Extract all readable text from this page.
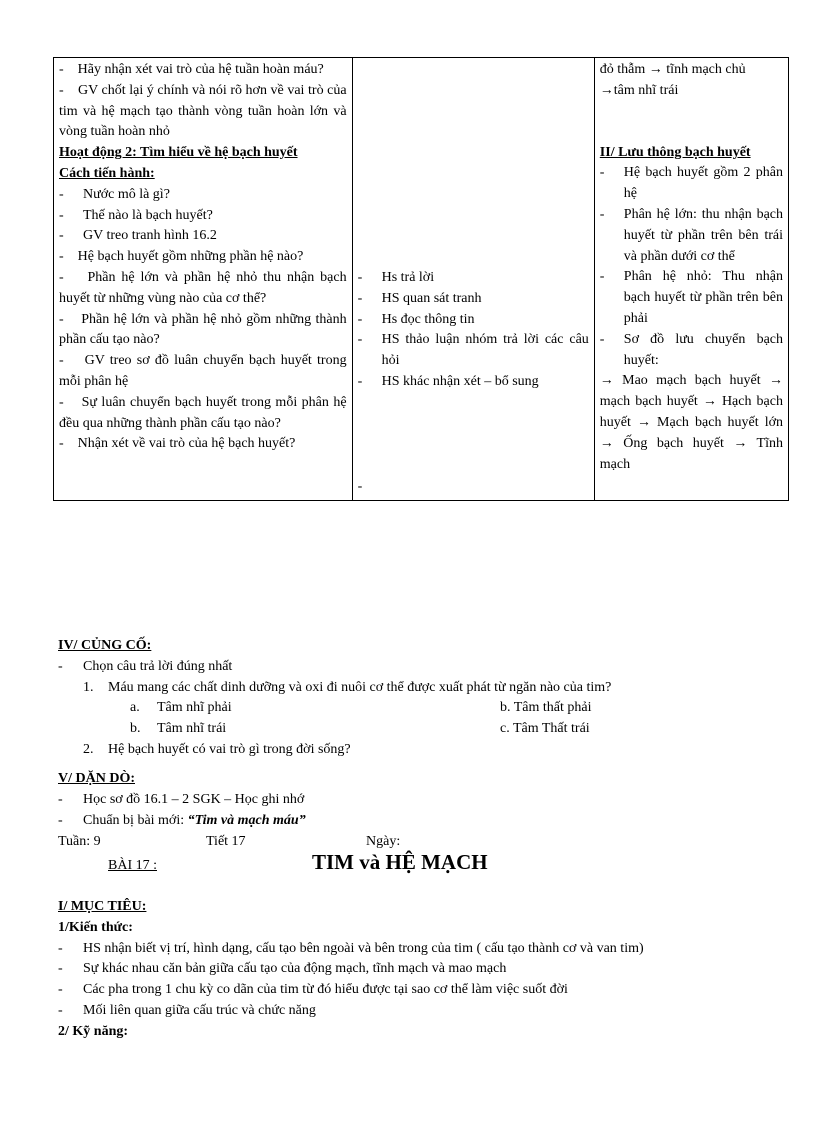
-    Hãy nhận xét vai trò của hệ tuần hoàn máu?
-    GV chốt lại ý chính và nói rõ hơn về vai trò của tim và hệ mạch tạo thành vòng tuần hoàn lớn và vòng tuần hoàn nhỏ
Hoạt động 2: Tìm hiểu về hệ bạch huyết
Cách tiến hành:
-	Nước mô là gì?
-	Thế nào là bạch huyết?
-	GV treo tranh hình 16.2
-    Hệ bạch huyết gồm những phần hệ nào?
-    Phần hệ lớn và phần hệ nhỏ thu nhận bạch huyết từ những vùng nào của cơ thể?
-    Phần hệ lớn và phần hệ nhỏ gồm những thành phần cấu tạo nào?
-    GV treo sơ đồ luân chuyển bạch huyết trong mỗi phân hệ
-    Sự luân chuyển bạch huyết trong mỗi phân hệ đều qua những thành phần cấu tạo nào?
-    Nhận xét về vai trò của hệ bạch huyết?

-	Hs trả lời
-	HS quan sát tranh
-	Hs đọc thông tin
-	HS thảo luận nhóm trả lời các câu hỏi
-	HS khác nhận xét – bổ sung
-

đỏ thẫm → tĩnh mạch chủ
→tâm nhĩ trái
II/ Lưu thông bạch huyết
-	Hệ bạch huyết gồm 2 phân hệ
-	Phân hệ lớn: thu nhận bạch huyết từ phần trên bên trái và phần dưới cơ thể
-	Phân hệ nhỏ: Thu nhận bạch huyết từ phần trên bên phải
-	Sơ đồ lưu chuyển bạch huyết:
→ Mao mạch bạch huyết → mạch bạch huyết → Hạch bạch huyết → Mạch bạch huyết lớn → Ống bạch huyết → Tĩnh mạch
IV/ CỦNG CỐ:
-	Chọn câu trả lời đúng nhất
1.	Máu mang các chất dinh dưỡng và oxi đi nuôi cơ thể được xuất phát từ ngăn nào của tim?
a.	Tâm nhĩ phải	b. Tâm thất phải
b.	Tâm nhĩ trái	c. Tâm Thất trái
2.	Hệ bạch huyết có vai trò gì trong đời sống?
V/ DẶN DÒ:
-	Học sơ đồ 16.1 – 2 SGK – Học ghi nhớ
-	Chuẩn bị bài mới: “Tim và mạch máu”
Tuần: 9	Tiết 17	Ngày:
BÀI 17 :	TIM và HỆ MẠCH
I/ MỤC TIÊU:
1/Kiến thức:
-	HS nhận biết vị trí, hình dạng, cấu tạo bên ngoài và bên trong của tim ( cấu tạo thành cơ và van tim)
-	Sự khác nhau căn bản giữa cấu tạo của động mạch, tĩnh mạch và mao mạch
-	Các pha trong 1 chu kỳ co dãn của tim từ đó hiểu được tại sao cơ thể làm việc suốt đời
-	Mối liên quan giữa cấu trúc và chức năng
2/ Kỹ năng:
